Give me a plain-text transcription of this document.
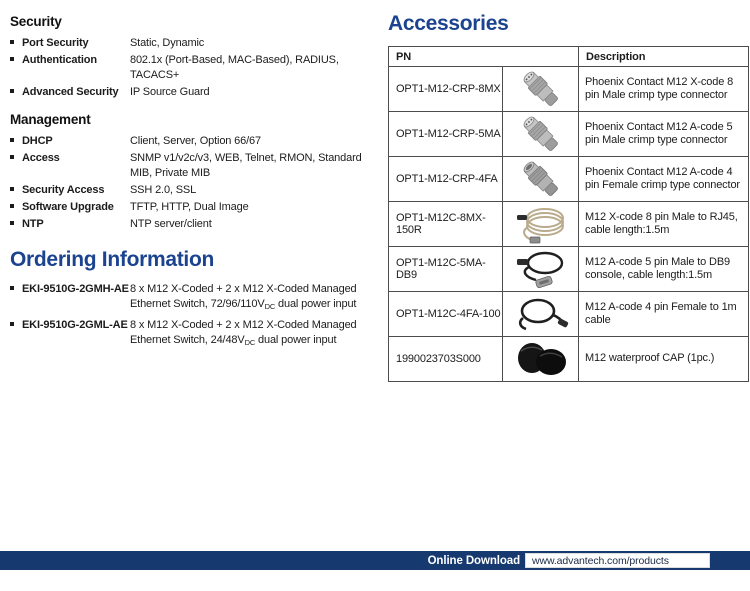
Security
Port Security	Static, Dynamic
Authentication	802.1x (Port-Based, MAC-Based), RADIUS, TACACS+
Advanced Security	IP Source Guard
Management
DHCP	Client, Server, Option 66/67
Access	SNMP v1/v2c/v3, WEB, Telnet, RMON, Standard MIB, Private MIB
Security Access	SSH 2.0, SSL
Software Upgrade	TFTP, HTTP, Dual Image
NTP	NTP server/client
Ordering Information
EKI-9510G-2GMH-AE 8 x M12 X-Coded + 2 x M12 X-Coded Managed
Ethernet Switch, $72/96/110V_{DC}$ dual power input
EKI-9510G-2GML-AE 8 x M12 X-Coded + 2 x M12 X-Coded Managed
Ethernet Switch, $24/48V_{DC}$ dual power input
Accessories
PN		Description
OPT1-M12-CRP-8MX		Phoenix Contact M12 X-code 8 pin Male crimp type connector
OPT1-M12-CRP-5MA		Phoenix Contact M12 A-code 5 pin Male crimp type connector
OPT1-M12-CRP-4FA		Phoenix Contact M12 A-code 4 pin Female crimp type connector
OPT1-M12C-8MX-150R		M12 X-code 8 pin Male to RJ45, cable length:1.5m
OPT1-M12C-5MA-DB9		M12 A-code 5 pin Male to DB9 console, cable length:1.5m
OPT1-M12C-4FA-100		M12 A-code 4 pin Female to 1m cable
1990023703S000		M12 waterproof CAP (1pc.)
Online Download www.advantech.com/products
